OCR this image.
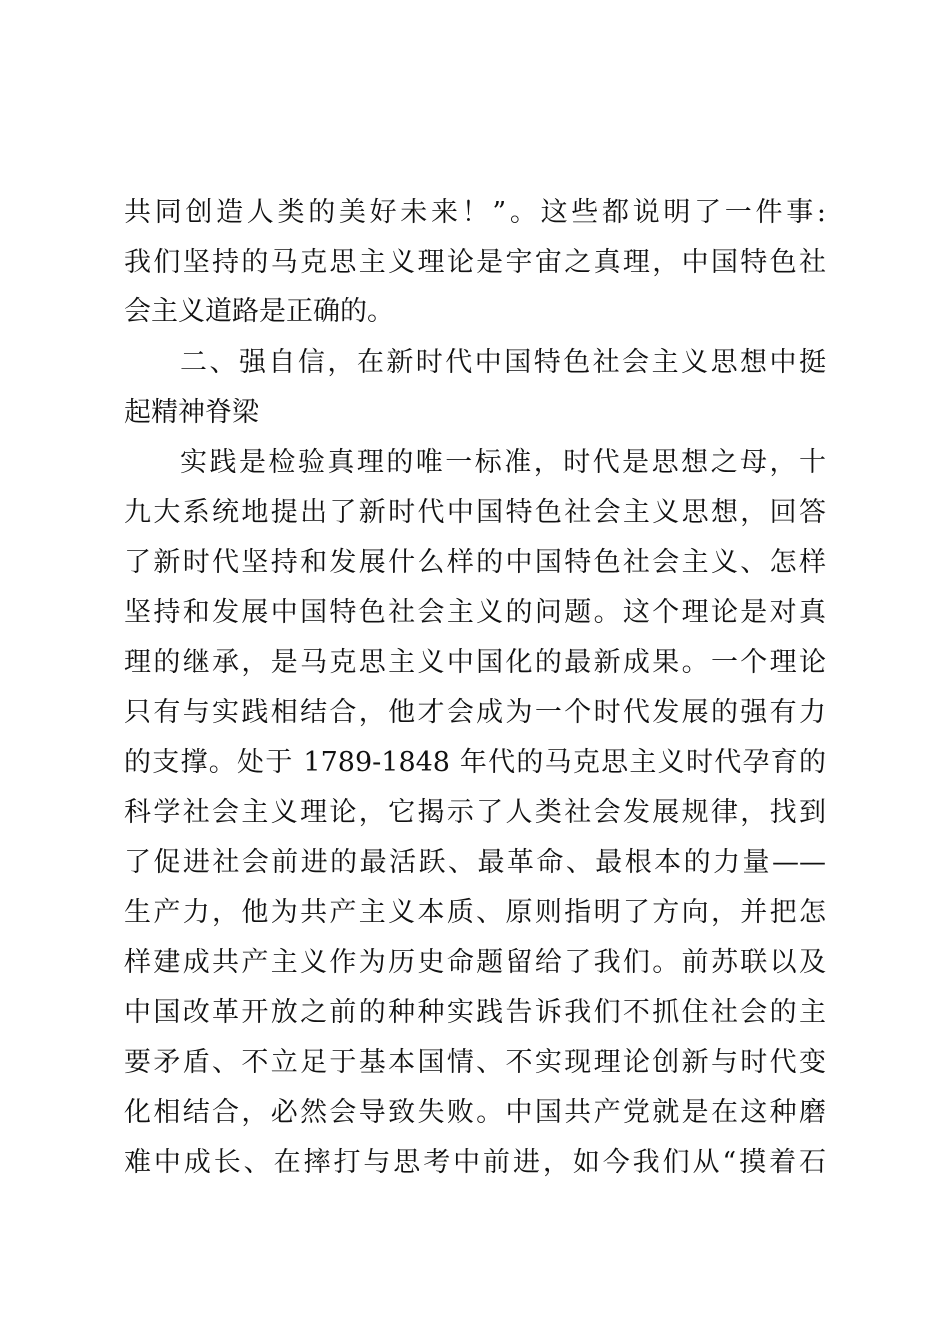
共同创造人类的美好未来！”。这些都说明了一件事:
我们坚持的马克思主义理论是宇宙之真理，中国特色社
会主义道路是正确的。
二、强自信，在新时代中国特色社会主义思想中挺
起精神脊梁
实践是检验真理的唯一标准，时代是思想之母，十
九大系统地提出了新时代中国特色社会主义思想，回答
了新时代坚持和发展什么样的中国特色社会主义、怎样
坚持和发展中国特色社会主义的问题。这个理论是对真
理的继承，是马克思主义中国化的最新成果。一个理论
只有与实践相结合，他才会成为一个时代发展的强有力
的支撑。处于 1789-1848 年代的马克思主义时代孕育的
科学社会主义理论，它揭示了人类社会发展规律，找到
了促进社会前进的最活跃、最革命、最根本的力量——
生产力，他为共产主义本质、原则指明了方向，并把怎
样建成共产主义作为历史命题留给了我们。前苏联以及
中国改革开放之前的种种实践告诉我们不抓住社会的主
要矛盾、不立足于基本国情、不实现理论创新与时代变
化相结合，必然会导致失败。中国共产党就是在这种磨
难中成长、在摔打与思考中前进，如今我们从“摸着石
